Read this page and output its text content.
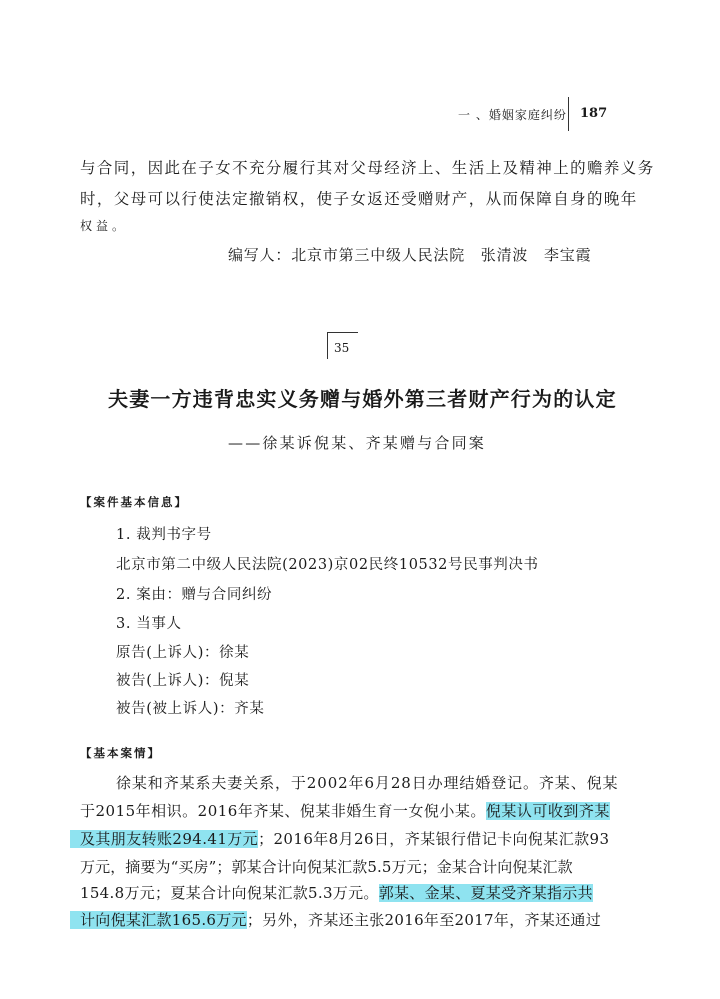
一 、婚姻家庭纠纷 187
与合同，因此在子女不充分履行其对父母经济上、生活上及精神上的赡养义务
时，父母可以行使法定撤销权，使子女返还受赠财产，从而保障自身的晚年
权益。
编写人：北京市第三中级人民法院　张清波　李宝霞
35
夫妻一方违背忠实义务赠与婚外第三者财产行为的认定
——徐某诉倪某、齐某赠与合同案
【案件基本信息】
1. 裁判书字号
北京市第二中级人民法院(2023)京02民终10532号民事判决书
2. 案由：赠与合同纠纷
3. 当事人
原告(上诉人)：徐某
被告(上诉人)：倪某
被告(被上诉人)：齐某
【基本案情】
徐某和齐某系夫妻关系，于2002年6月28日办理结婚登记。齐某、倪某
于2015年相识。2016年齐某、倪某非婚生育一女倪小某。倪某认可收到齐某
及其朋友转账294.41万元；2016年8月26日，齐某银行借记卡向倪某汇款93
万元，摘要为“买房”；郭某合计向倪某汇款5.5万元；金某合计向倪某汇款
154.8万元；夏某合计向倪某汇款5.3万元。郭某、金某、夏某受齐某指示共
计向倪某汇款165.6万元；另外，齐某还主张2016年至2017年，齐某还通过
